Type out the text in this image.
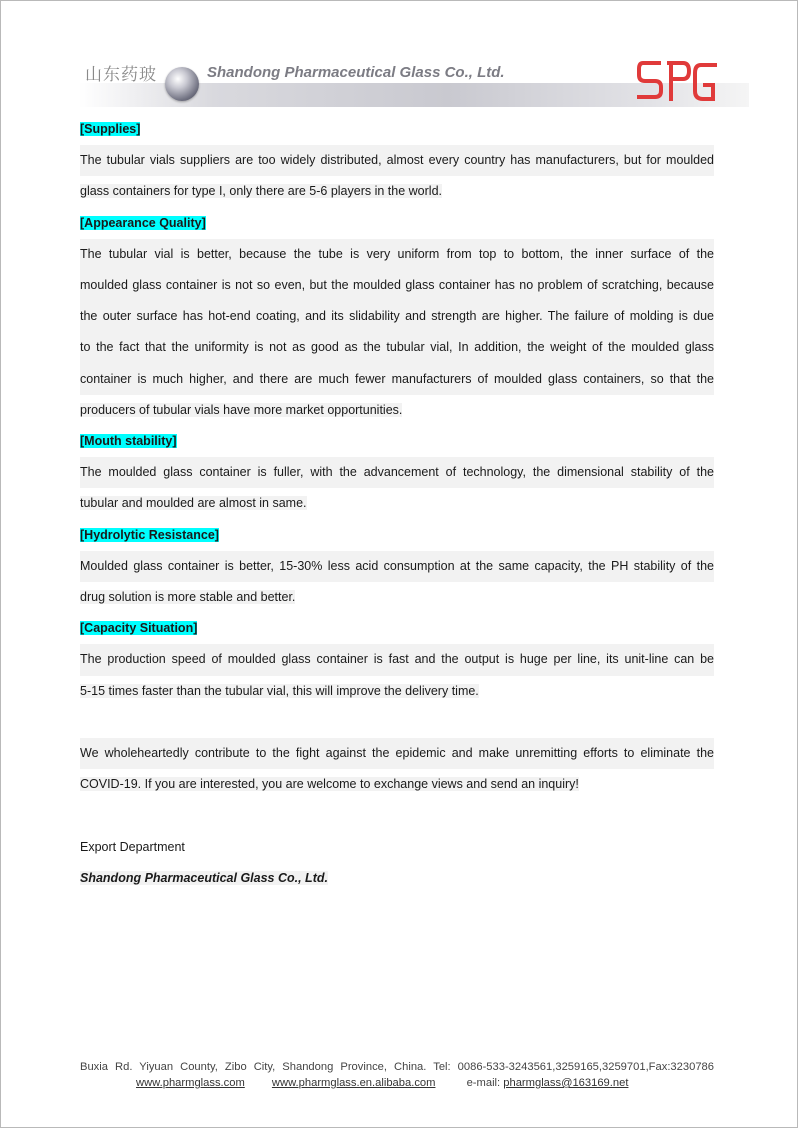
山东药玻	Shandong Pharmaceutical Glass Co., Ltd.
[Supplies]
The tubular vials suppliers are too widely distributed, almost every country has manufacturers, but for moulded
glass containers for type I, only there are 5-6 players in the world.
[Appearance Quality]
The tubular vial is better, because the tube is very uniform from top to bottom, the inner surface of the
moulded glass container is not so even, but the moulded glass container has no problem of scratching, because
the outer surface has hot-end coating, and its slidability and strength are higher. The failure of molding is due
to the fact that the uniformity is not as good as the tubular vial, In addition, the weight of the moulded glass
container is much higher, and there are much fewer manufacturers of moulded glass containers, so that the
producers of tubular vials have more market opportunities.
[Mouth stability]
The moulded glass container is fuller, with the advancement of technology, the dimensional stability of the
tubular and moulded are almost in same.
[Hydrolytic Resistance]
Moulded glass container is better, 15-30% less acid consumption at the same capacity, the PH stability of the
drug solution is more stable and better.
[Capacity Situation]
The production speed of moulded glass container is fast and the output is huge per line, its unit-line can be
5-15 times faster than the tubular vial, this will improve the delivery time.
We wholeheartedly contribute to the fight against the epidemic and make unremitting efforts to eliminate the
COVID-19. If you are interested, you are welcome to exchange views and send an inquiry!
Export Department
Shandong Pharmaceutical Glass Co., Ltd.
Buxia Rd. Yiyuan County, Zibo City, Shandong Province, China. Tel: 0086-533-3243561,3259165,3259701,Fax:3230786
www.pharmglass.com www.pharmglass.en.alibaba.com	e-mail: pharmglass@163169.net
